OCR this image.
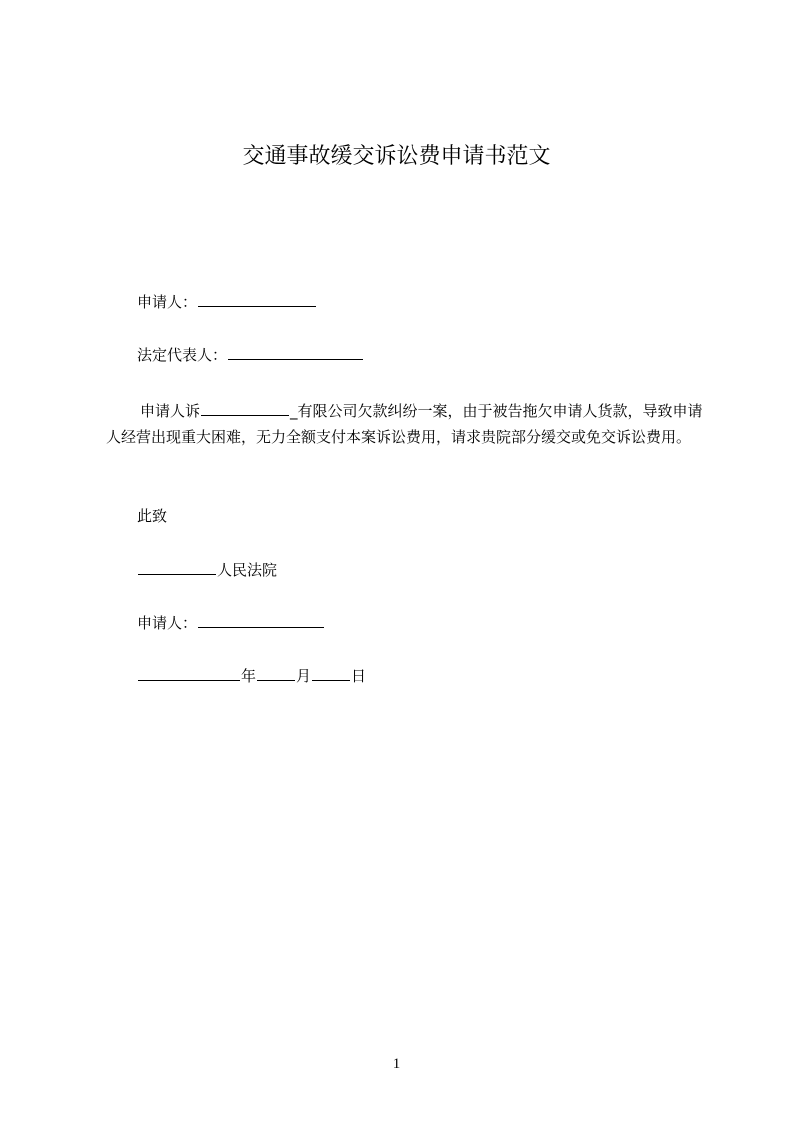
交通事故缓交诉讼费申请书范文
申请人：
法定代表人：
申请人诉	_有限公司欠款纠纷一案，由于被告拖欠申请人货款，导致申请人经营出现重大困难，无力全额支付本案诉讼费用，请求贵院部分缓交或免交诉讼费用。
此致
人民法院
申请人：
年	月	日
1
